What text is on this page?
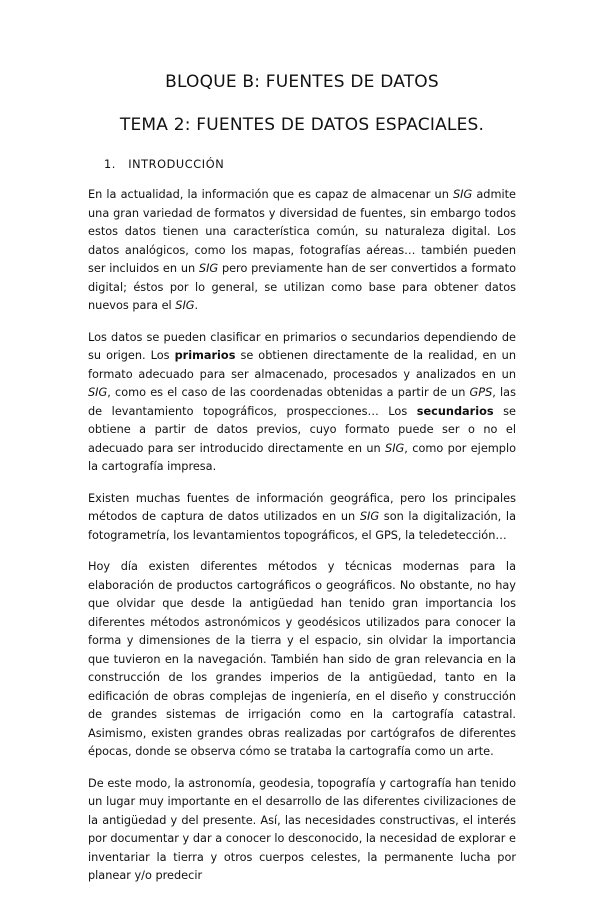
BLOQUE B: FUENTES DE DATOS
TEMA 2: FUENTES DE DATOS ESPACIALES.
1. INTRODUCCIÓN

En la actualidad, la información que es capaz de almacenar un SIG admite una gran variedad de formatos y diversidad de fuentes, sin embargo todos estos datos tienen una característica común, su naturaleza digital. Los datos analógicos, como los mapas, fotografías aéreas… también pueden ser incluidos en un SIG pero previamente han de ser convertidos a formato digital; éstos por lo general, se utilizan como base para obtener datos nuevos para el SIG.

Los datos se pueden clasificar en primarios o secundarios dependiendo de su origen. Los primarios se obtienen directamente de la realidad, en un formato adecuado para ser almacenado, procesados y analizados en un SIG, como es el caso de las coordenadas obtenidas a partir de un GPS, las de levantamiento topográficos, prospecciones… Los secundarios se obtiene a partir de datos previos, cuyo formato puede ser o no el adecuado para ser introducido directamente en un SIG, como por ejemplo la cartografía impresa.

Existen muchas fuentes de información geográfica, pero los principales métodos de captura de datos utilizados en un SIG son la digitalización, la fotogrametría, los levantamientos topográficos, el GPS, la teledetección…

Hoy día existen diferentes métodos y técnicas modernas para la elaboración de productos cartográficos o geográficos. No obstante, no hay que olvidar que desde la antigüedad han tenido gran importancia los diferentes métodos astronómicos y geodésicos utilizados para conocer la forma y dimensiones de la tierra y el espacio, sin olvidar la importancia que tuvieron en la navegación. También han sido de gran relevancia en la construcción de los grandes imperios de la antigüedad, tanto en la edificación de obras complejas de ingeniería, en el diseño y construcción de grandes sistemas de irrigación como en la cartografía catastral. Asimismo, existen grandes obras realizadas por cartógrafos de diferentes épocas, donde se observa cómo se trataba la cartografía como un arte.

De este modo, la astronomía, geodesia, topografía y cartografía han tenido un lugar muy importante en el desarrollo de las diferentes civilizaciones de la antigüedad y del presente. Así, las necesidades constructivas, el interés por documentar y dar a conocer lo desconocido, la necesidad de explorar e inventariar la tierra y otros cuerpos celestes, la permanente lucha por planear y/o predecir
